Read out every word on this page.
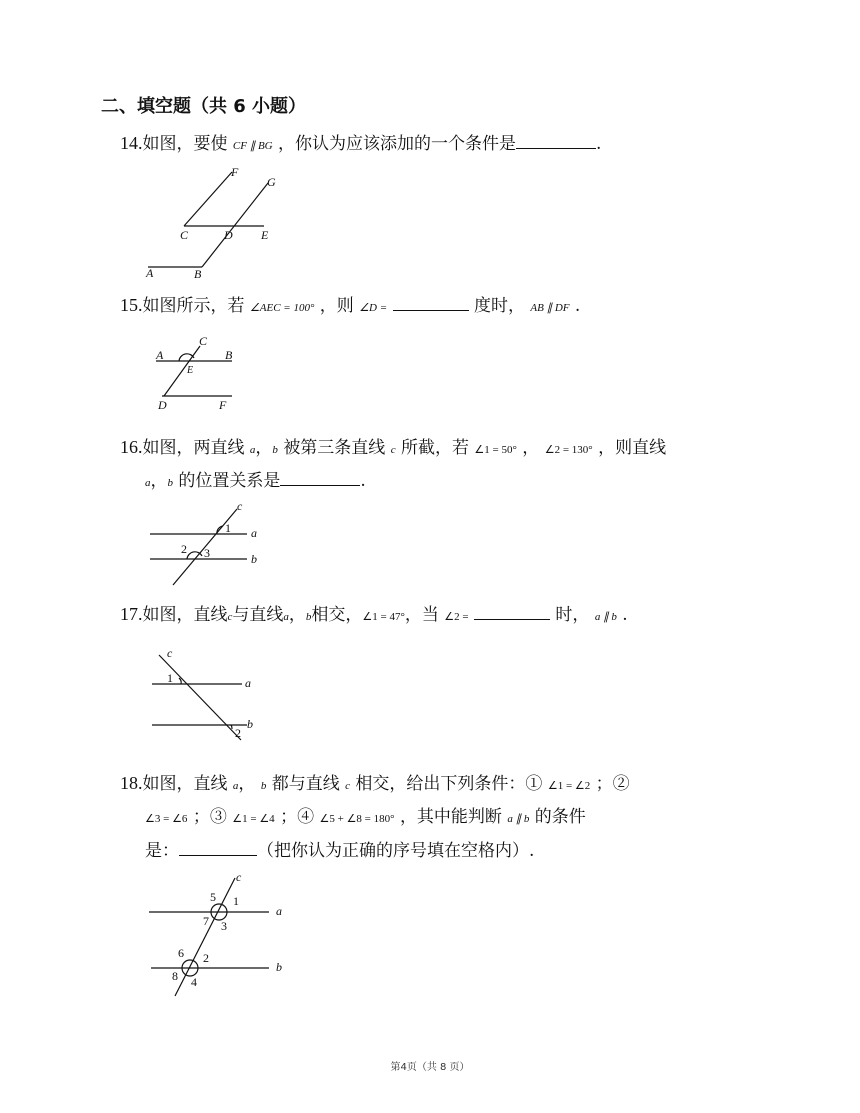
二、填空题（共 6 小题）
14.如图，要使 CF ∥ BG ，你认为应该添加的一个条件是	.
F
G
C	D E
A	B
15.如图所示，若 ∠AEC = 100° ，则 ∠D =	度时， AB ∥ DF .
A
C
B
E
D	F
16.如图，两直线 a，b 被第三条直线 c 所截，若 ∠1 = 50° ， ∠2 = 130° ，则直线
a，b 的位置关系是	.
c
1 a
2 3	b
17.如图，直线c与直线a，b相交，∠1 = 47°，当 ∠2 =	时， a ∥ b .
c
1	a
b
2
18.如图，直线 a， b 都与直线 c 相交，给出下列条件：① ∠1 = ∠2 ；②
∠3 = ∠6 ；③ ∠1 = ∠4 ；④ ∠5 + ∠8 = 180° ，其中能判断 a ∥ b 的条件
是：	（把你认为正确的序号填在空格内）.
c
5 1
a
7 3
6 2
b
8 4
第4页（共 8 页）
